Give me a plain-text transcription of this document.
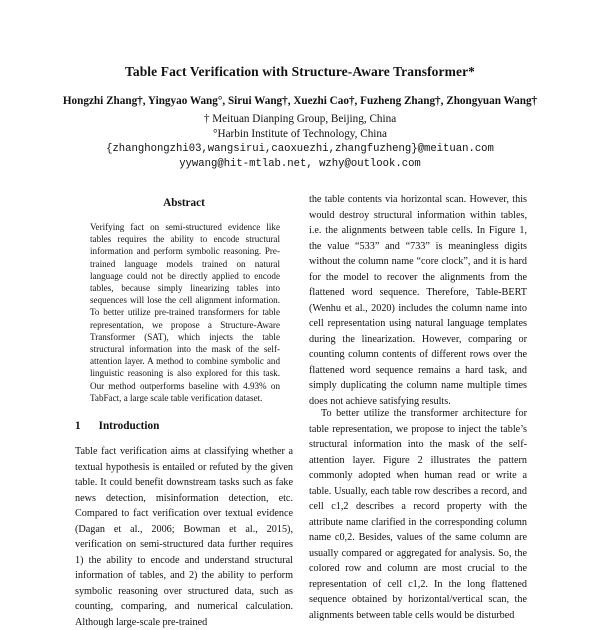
Table Fact Verification with Structure-Aware Transformer*
Hongzhi Zhang†, Yingyao Wang°, Sirui Wang†, Xuezhi Cao†, Fuzheng Zhang†, Zhongyuan Wang†
† Meituan Dianping Group, Beijing, China
°Harbin Institute of Technology, China
{zhanghongzhi03,wangsirui,caoxuezhi,zhangfuzheng}@meituan.com
yywang@hit-mtlab.net, wzhy@outlook.com
Abstract

Verifying fact on semi-structured evidence like tables requires the ability to encode structural information and perform symbolic reasoning. Pre-trained language models trained on natural language could not be directly applied to encode tables, because simply linearizing tables into sequences will lose the cell alignment information. To better utilize pre-trained transformers for table representation, we propose a Structure-Aware Transformer (SAT), which injects the table structural information into the mask of the self-attention layer. A method to combine symbolic and linguistic reasoning is also explored for this task. Our method outperforms baseline with 4.93% on TabFact, a large scale table verification dataset.

1 Introduction

Table fact verification aims at classifying whether a textual hypothesis is entailed or refuted by the given table. It could benefit downstream tasks such as fake news detection, misinformation detection, etc. Compared to fact verification over textual evidence (Dagan et al., 2006; Bowman et al., 2015), verification on semi-structured data further requires 1) the ability to encode and understand structural information of tables, and 2) the ability to perform symbolic reasoning over structured data, such as counting, comparing, and numerical calculation. Although large-scale pre-trained

the table contents via horizontal scan. However, this would destroy structural information within tables, i.e. the alignments between table cells. In Figure 1, the value “533” and “733” is meaningless digits without the column name “core clock”, and it is hard for the model to recover the alignments from the flattened word sequence. Therefore, Table-BERT (Wenhu et al., 2020) includes the column name into cell representation using natural language templates during the linearization. However, comparing or counting column contents of different rows over the flattened word sequence remains a hard task, and simply duplicating the column name multiple times does not achieve satisfying results.

To better utilize the transformer architecture for table representation, we propose to inject the table’s structural information into the mask of the self-attention layer. Figure 2 illustrates the pattern commonly adopted when human read or write a table. Usually, each table row describes a record, and cell c1,2 describes a record property with the attribute name clarified in the corresponding column name c0,2. Besides, values of the same column are usually compared or aggregated for analysis. So, the colored row and column are most crucial to the representation of cell c1,2. In the long flattened sequence obtained by horizontal/vertical scan, the alignments between table cells would be disturbed
